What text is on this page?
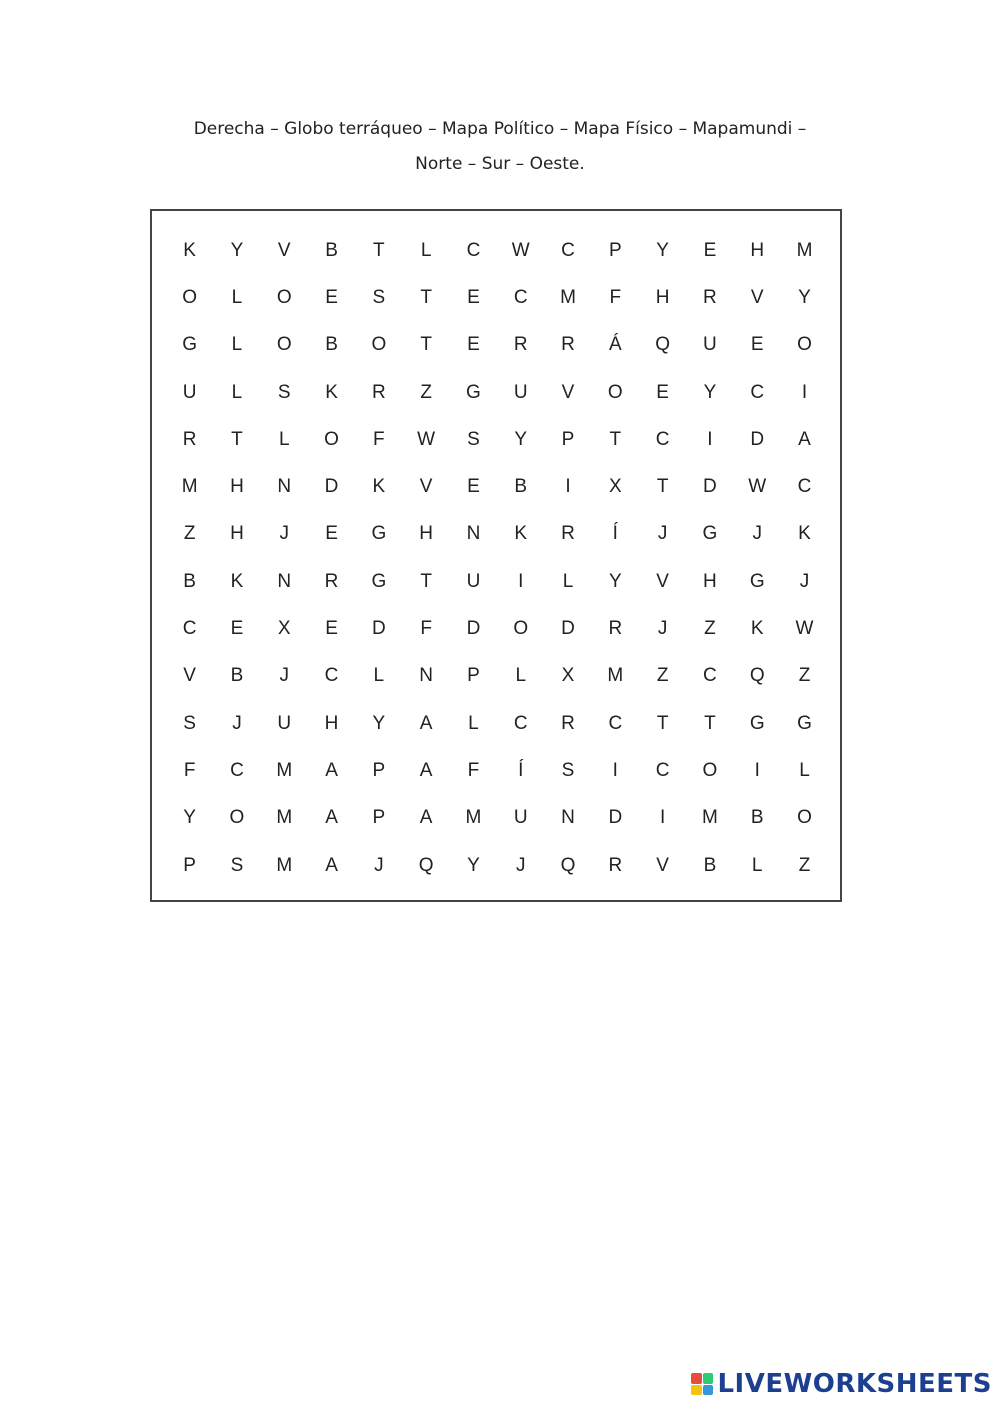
Derecha – Globo terráqueo – Mapa Político – Mapa Físico – Mapamundi –
Norte – Sur – Oeste.
K	Y	V	B	T	L	C	W	C	P	Y	E	H	M
O	L	O	E	S	T	E	C	M	F	H	R	V	Y
G	L	O	B	O	T	E	R	R	Á	Q	U	E	O
U	L	S	K	R	Z	G	U	V	O	E	Y	C	I
R	T	L	O	F	W	S	Y	P	T	C	I	D	A
M	H	N	D	K	V	E	B	I	X	T	D	W	C
Z	H	J	E	G	H	N	K	R	Í	J	G	J	K
B	K	N	R	G	T	U	I	L	Y	V	H	G	J
C	E	X	E	D	F	D	O	D	R	J	Z	K	W
V	B	J	C	L	N	P	L	X	M	Z	C	Q	Z
S	J	U	H	Y	A	L	C	R	C	T	T	G	G
F	C	M	A	P	A	F	Í	S	I	C	O	I	L
Y	O	M	A	P	A	M	U	N	D	I	M	B	O
P	S	M	A	J	Q	Y	J	Q	R	V	B	L	Z
LIVEWORKSHEETS
